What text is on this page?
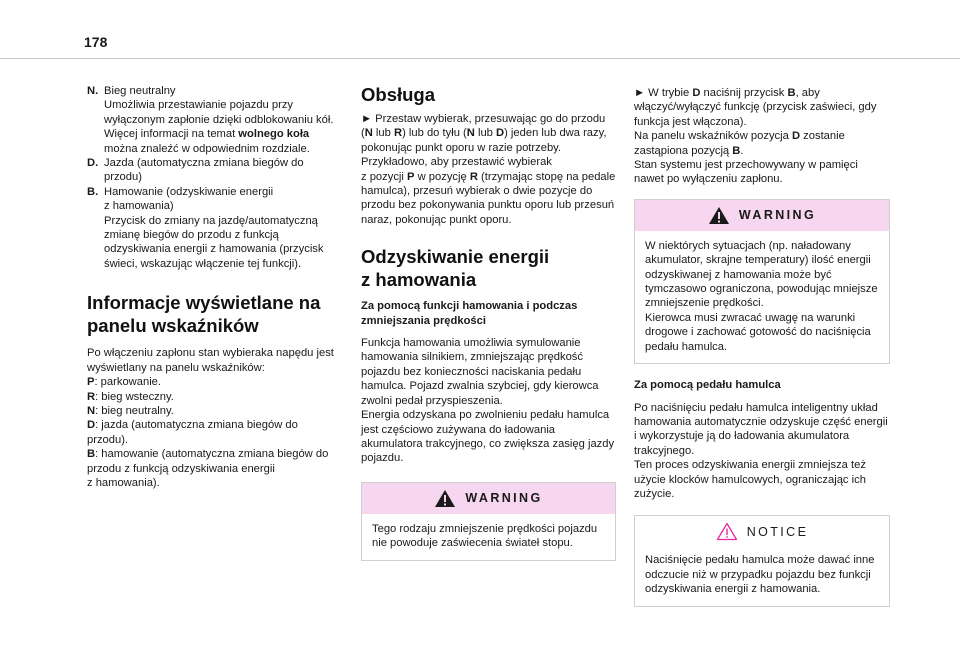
178
N. Bieg neutralny
Umożliwia przestawianie pojazdu przy wyłączonym zapłonie dzięki odblokowaniu kół.
Więcej informacji na temat wolnego koła można znaleźć w odpowiednim rozdziale.
D. Jazda (automatyczna zmiana biegów do przodu)
B. Hamowanie (odzyskiwanie energii
z hamowania)
Przycisk do zmiany na jazdę/automatyczną zmianę biegów do przodu z funkcją odzyskiwania energii z hamowania (przycisk świeci, wskazując włączenie tej funkcji).
Informacje wyświetlane na panelu wskaźników
Po włączeniu zapłonu stan wybieraka napędu jest wyświetlany na panelu wskaźników:
P: parkowanie.
R: bieg wsteczny.
N: bieg neutralny.
D: jazda (automatyczna zmiana biegów do przodu).
B: hamowanie (automatyczna zmiana biegów do przodu z funkcją odzyskiwania energii
z hamowania).
Obsługa
► Przestaw wybierak, przesuwając go do przodu (N lub R) lub do tyłu (N lub D) jeden lub dwa razy, pokonując punkt oporu w razie potrzeby.
Przykładowo, aby przestawić wybierak
z pozycji P w pozycję R (trzymając stopę na pedale hamulca), przesuń wybierak o dwie pozycje do przodu bez pokonywania punktu oporu lub przesuń naraz, pokonując punkt oporu.
Odzyskiwanie energii z hamowania
Za pomocą funkcji hamowania i podczas zmniejszania prędkości
Funkcja hamowania umożliwia symulowanie hamowania silnikiem, zmniejszając prędkość pojazdu bez konieczności naciskania pedału hamulca. Pojazd zwalnia szybciej, gdy kierowca zwolni pedał przyspieszenia.
Energia odzyskana po zwolnieniu pedału hamulca jest częściowo zużywana do ładowania akumulatora trakcyjnego, co zwiększa zasięg jazdy pojazdu.
WARNING
Tego rodzaju zmniejszenie prędkości pojazdu nie powoduje zaświecenia świateł stopu.
► W trybie D naciśnij przycisk B, aby włączyć/wyłączyć funkcję (przycisk zaświeci, gdy funkcja jest włączona).
Na panelu wskaźników pozycja D zostanie zastąpiona pozycją B.
Stan systemu jest przechowywany w pamięci nawet po wyłączeniu zapłonu.
WARNING
W niektórych sytuacjach (np. naładowany akumulator, skrajne temperatury) ilość energii odzyskiwanej z hamowania może być tymczasowo ograniczona, powodując mniejsze zmniejszenie prędkości.
Kierowca musi zwracać uwagę na warunki drogowe i zachować gotowość do naciśnięcia pedału hamulca.
Za pomocą pedału hamulca
Po naciśnięciu pedału hamulca inteligentny układ hamowania automatycznie odzyskuje część energii i wykorzystuje ją do ładowania akumulatora trakcyjnego.
Ten proces odzyskiwania energii zmniejsza też użycie klocków hamulcowych, ograniczając ich zużycie.
NOTICE
Naciśnięcie pedału hamulca może dawać inne odczucie niż w przypadku pojazdu bez funkcji odzyskiwania energii z hamowania.
